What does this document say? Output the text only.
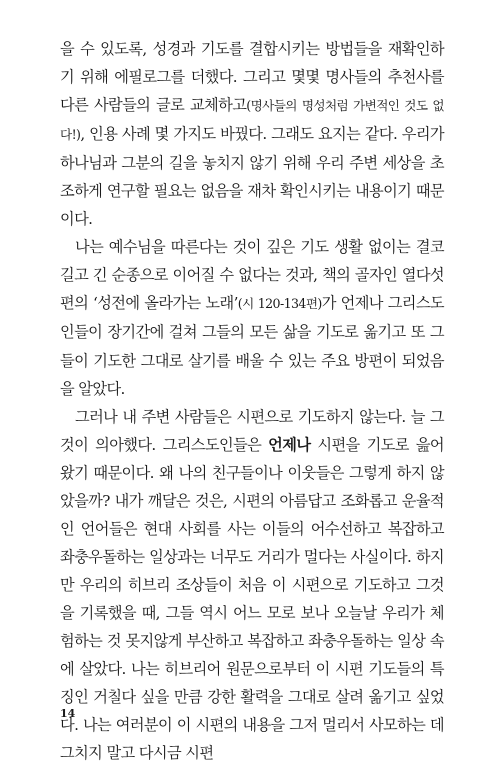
을 수 있도록, 성경과 기도를 결합시키는 방법들을 재확인하기 위해 에필로그를 더했다. 그리고 몇몇 명사들의 추천사를 다른 사람들의 글로 교체하고(명사들의 명성처럼 가변적인 것도 없다!), 인용 사례 몇 가지도 바꿨다. 그래도 요지는 같다. 우리가 하나님과 그분의 길을 놓치지 않기 위해 우리 주변 세상을 초조하게 연구할 필요는 없음을 재차 확인시키는 내용이기 때문이다.

나는 예수님을 따른다는 것이 깊은 기도 생활 없이는 결코 길고 긴 순종으로 이어질 수 없다는 것과, 책의 골자인 열다섯 편의 ‘성전에 올라가는 노래’(시 120-134편)가 언제나 그리스도인들이 장기간에 걸쳐 그들의 모든 삶을 기도로 옮기고 또 그들이 기도한 그대로 살기를 배울 수 있는 주요 방편이 되었음을 알았다.

그러나 내 주변 사람들은 시편으로 기도하지 않는다. 늘 그것이 의아했다. 그리스도인들은 언제나 시편을 기도로 읊어 왔기 때문이다. 왜 나의 친구들이나 이웃들은 그렇게 하지 않았을까? 내가 깨달은 것은, 시편의 아름답고 조화롭고 운율적인 언어들은 현대 사회를 사는 이들의 어수선하고 복잡하고 좌충우돌하는 일상과는 너무도 거리가 멀다는 사실이다. 하지만 우리의 히브리 조상들이 처음 이 시편으로 기도하고 그것을 기록했을 때, 그들 역시 어느 모로 보나 오늘날 우리가 체험하는 것 못지않게 부산하고 복잡하고 좌충우돌하는 일상 속에 살았다. 나는 히브리어 원문으로부터 이 시편 기도들의 특징인 거칠다 싶을 만큼 강한 활력을 그대로 살려 옮기고 싶었다. 나는 여러분이 이 시편의 내용을 그저 멀리서 사모하는 데 그치지 말고 다시금 시편

14
